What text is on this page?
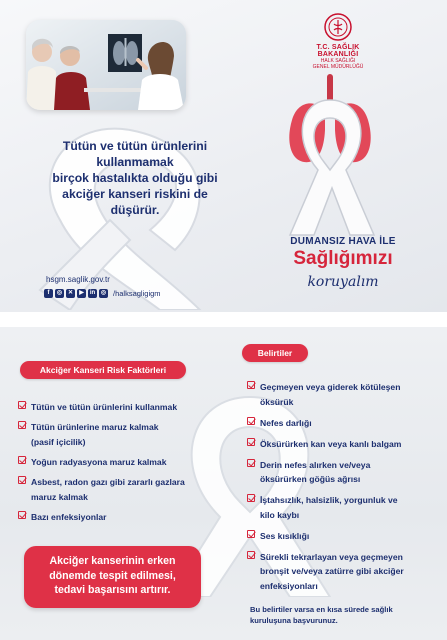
T.C. SAĞLIK BAKANLIĞI
HALK SAĞLIĞI
GENEL MÜDÜRLÜĞÜ
Tütün ve tütün ürünlerini
kullanmamak
birçok hastalıkta olduğu gibi
akciğer kanseri riskini de
düşürür.
DUMANSIZ HAVA İLE
Sağlığımızı
koruyalım
hsgm.saglik.gov.tr
f	◎ ✕	▶	in ◎ /halksagligigm
Belirtiler
Akciğer Kanseri Risk Faktörleri
Tütün ve tütün ürünlerini kullanmak
Tütün ürünlerine maruz kalmak
(pasif içicilik)
Yoğun radyasyona maruz kalmak
Asbest, radon gazı gibi zararlı gazlara
maruz kalmak
Bazı enfeksiyonlar
Geçmeyen veya giderek kötüleşen
öksürük
Nefes darlığı
Öksürürken kan veya kanlı balgam
Derin nefes alırken ve/veya
öksürürken göğüs ağrısı
İştahsızlık, halsizlik, yorgunluk ve
kilo kaybı
Ses kısıklığı
Sürekli tekrarlayan veya geçmeyen
bronşit ve/veya zatürre gibi akciğer
enfeksiyonları
Akciğer kanserinin erken
dönemde tespit edilmesi,
tedavi başarısını artırır.
Bu belirtiler varsa en kısa sürede sağlık
kuruluşuna başvurunuz.
